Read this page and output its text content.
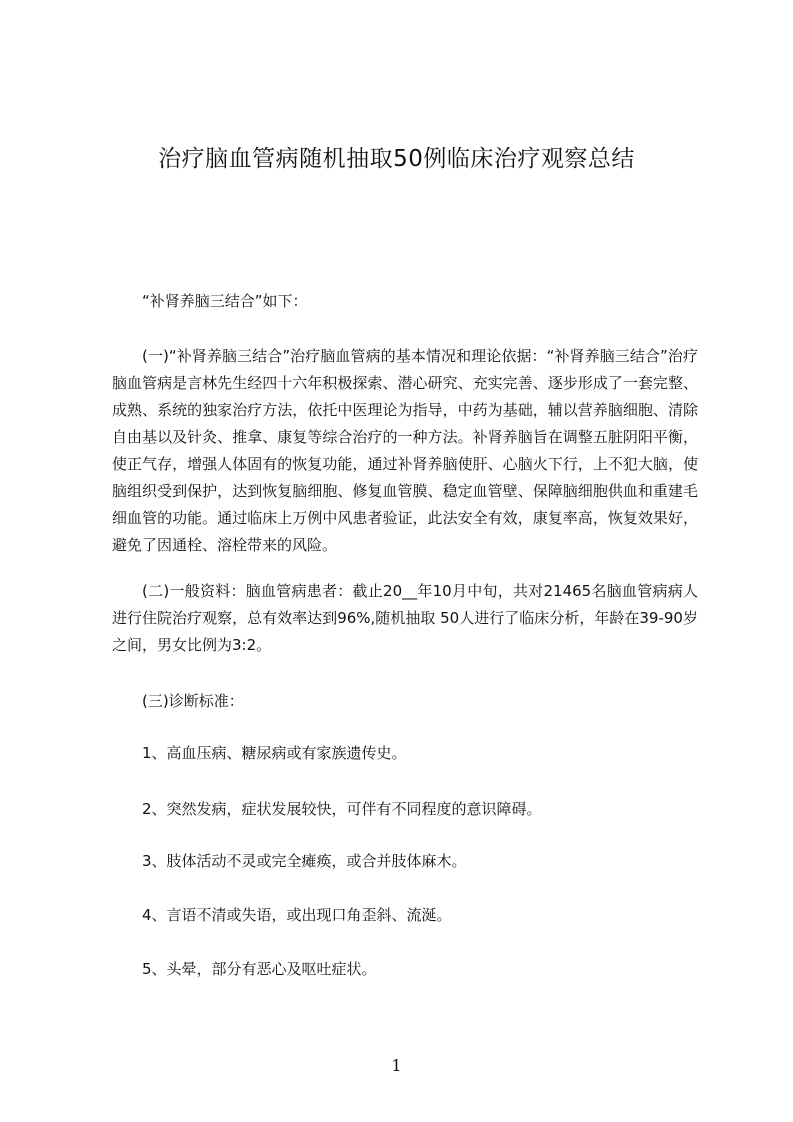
治疗脑血管病随机抽取50例临床治疗观察总结

“补肾养脑三结合”如下：

(一)“补肾养脑三结合”治疗脑血管病的基本情况和理论依据：“补肾养脑三结合”治疗脑血管病是言林先生经四十六年积极探索、潜心研究、充实完善、逐步形成了一套完整、成熟、系统的独家治疗方法，依托中医理论为指导，中药为基础，辅以营养脑细胞、清除自由基以及针灸、推拿、康复等综合治疗的一种方法。补肾养脑旨在调整五脏阴阳平衡，使正气存，增强人体固有的恢复功能，通过补肾养脑使肝、心脑火下行，上不犯大脑，使脑组织受到保护，达到恢复脑细胞、修复血管膜、稳定血管壁、保障脑细胞供血和重建毛细血管的功能。通过临床上万例中风患者验证，此法安全有效，康复率高，恢复效果好，避免了因通栓、溶栓带来的风险。

(二)一般资料：脑血管病患者：截止20__年10月中旬，共对21465名脑血管病病人进行住院治疗观察，总有效率达到96%,随机抽取 50人进行了临床分析，年龄在39-90岁之间，男女比例为3:2。

(三)诊断标准：

1、高血压病、糖尿病或有家族遗传史。

2、突然发病，症状发展较快，可伴有不同程度的意识障碍。

3、肢体活动不灵或完全瘫痪，或合并肢体麻木。

4、言语不清或失语，或出现口角歪斜、流涎。

5、头晕，部分有恶心及呕吐症状。

1
